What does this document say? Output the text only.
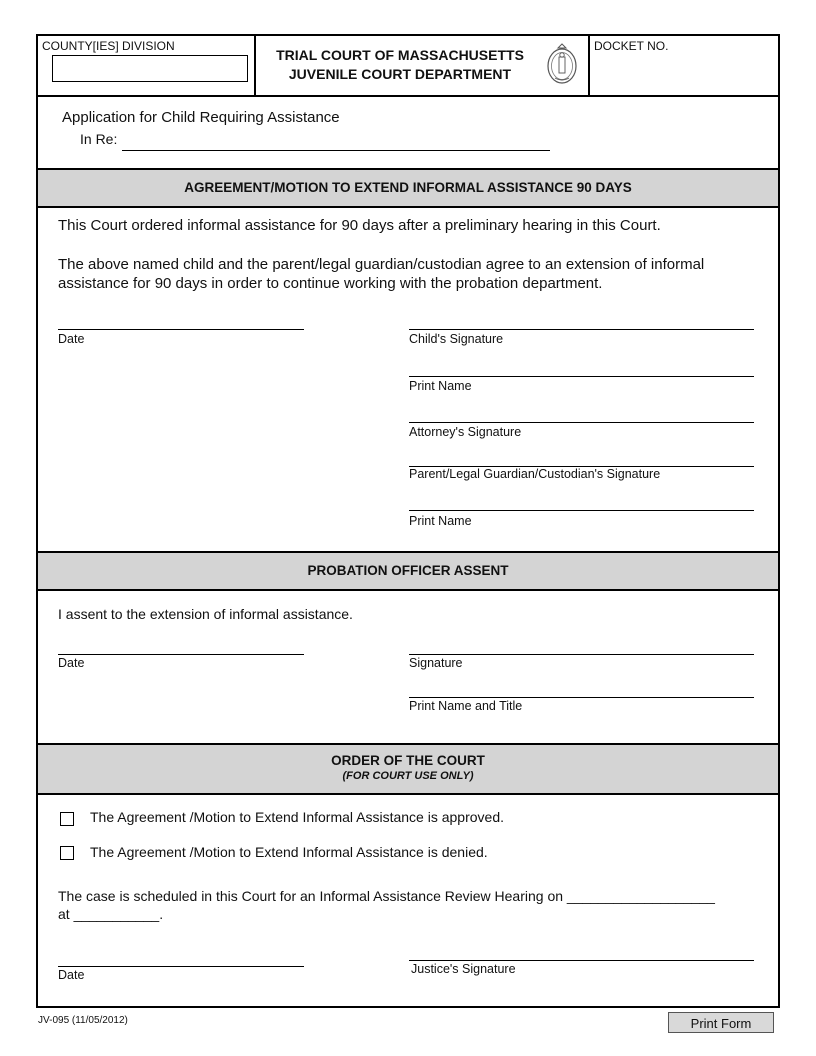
COUNTY[IES] DIVISION
TRIAL COURT OF MASSACHUSETTS
JUVENILE COURT DEPARTMENT
DOCKET NO.
Application for Child Requiring Assistance
In Re:
AGREEMENT/MOTION TO EXTEND INFORMAL ASSISTANCE 90 DAYS
This Court ordered informal assistance for 90 days after a preliminary hearing in this Court.
The above named child and the parent/legal guardian/custodian agree to an extension of informal assistance for 90 days in order to continue working with the probation department.
Date	Child's Signature
Print Name
Attorney's Signature
Parent/Legal Guardian/Custodian's Signature
Print Name
PROBATION OFFICER ASSENT
I assent to the extension of informal assistance.
Date	Signature
Print Name and Title
ORDER OF THE COURT
(FOR COURT USE ONLY)
The Agreement /Motion to Extend Informal Assistance is approved.
The Agreement /Motion to Extend Informal Assistance is denied.
The case is scheduled in this Court for an Informal Assistance Review Hearing on ___________________
at ___________.
Date	Justice's Signature
JV-095 (11/05/2012)	Print Form
